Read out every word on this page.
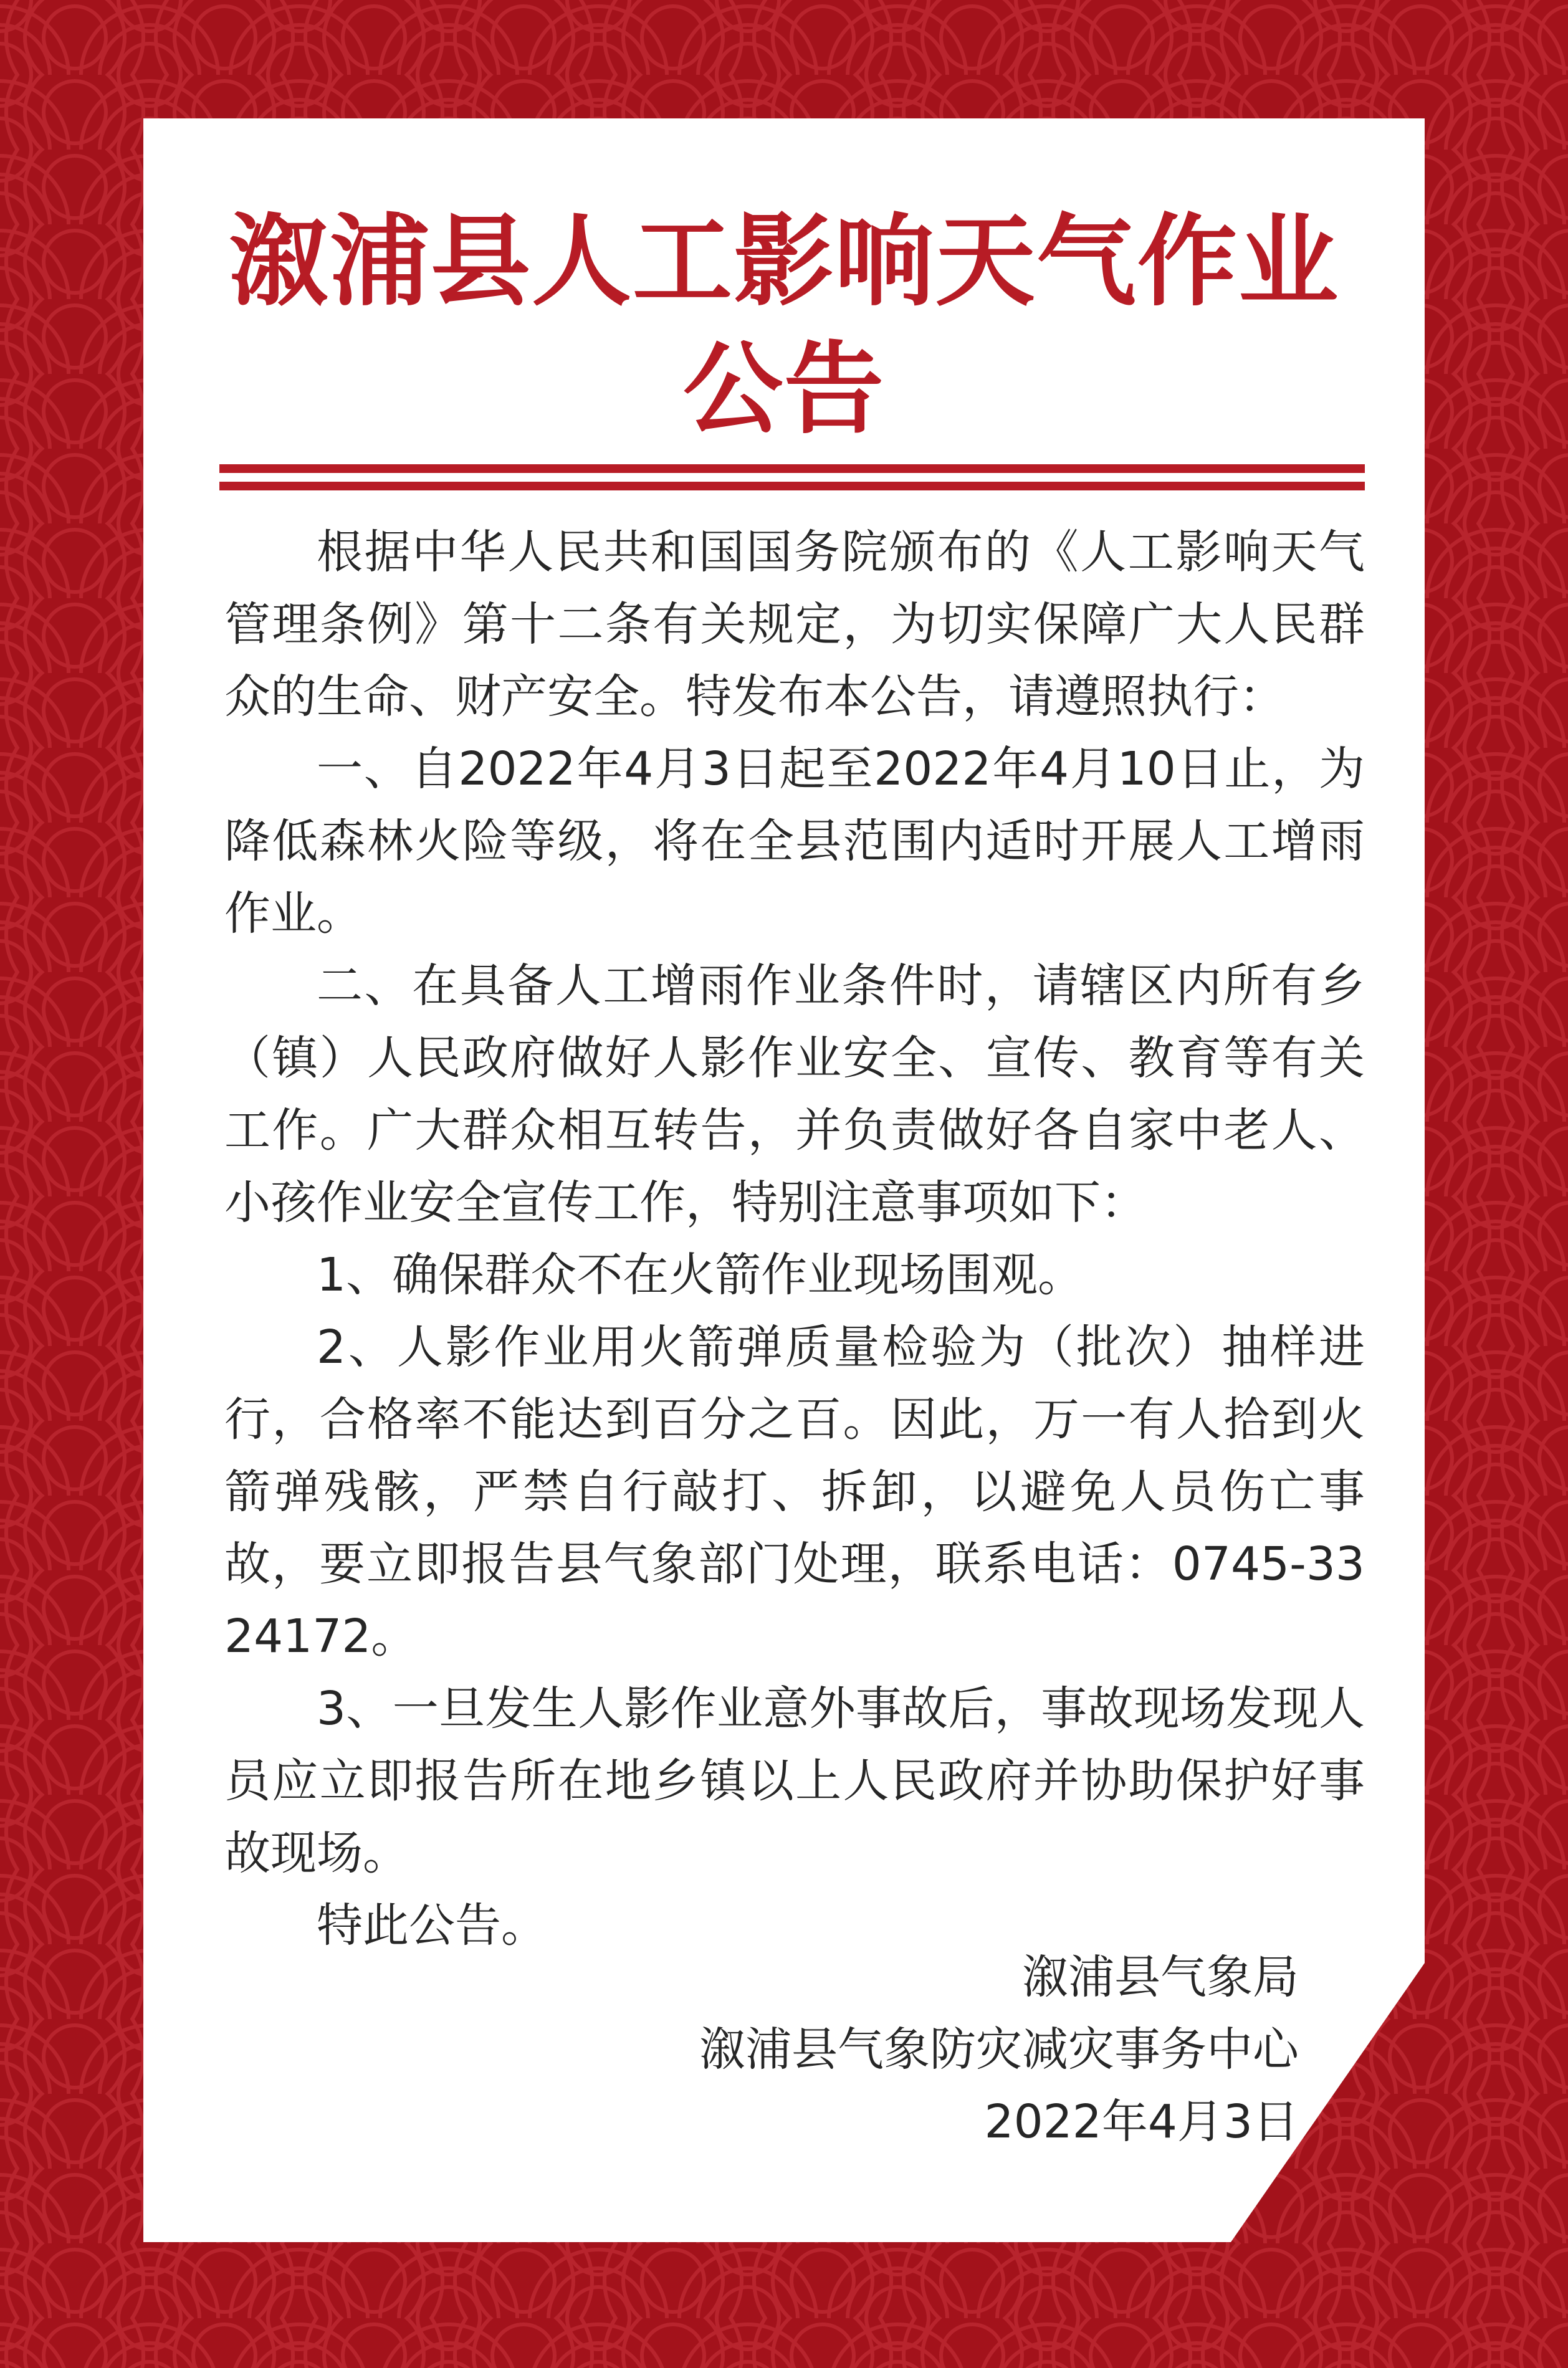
溆浦县人工影响天气作业
公告

根据中华人民共和国国务院颁布的《人工影响天气管理条例》第十二条有关规定，为切实保障广大人民群众的生命、财产安全。特发布本公告，请遵照执行：

一、自2022年4月3日起至2022年4月10日止，为降低森林火险等级，将在全县范围内适时开展人工增雨作业。

二、在具备人工增雨作业条件时，请辖区内所有乡（镇）人民政府做好人影作业安全、宣传、教育等有关工作。广大群众相互转告，并负责做好各自家中老人、小孩作业安全宣传工作，特别注意事项如下：

1、确保群众不在火箭作业现场围观。

2、人影作业用火箭弹质量检验为（批次）抽样进行，合格率不能达到百分之百。因此，万一有人拾到火箭弹残骸，严禁自行敲打、拆卸，以避免人员伤亡事故，要立即报告县气象部门处理，联系电话：0745-3324172。

3、一旦发生人影作业意外事故后，事故现场发现人员应立即报告所在地乡镇以上人民政府并协助保护好事故现场。

特此公告。

溆浦县气象局
溆浦县气象防灾减灾事务中心
2022年4月3日
